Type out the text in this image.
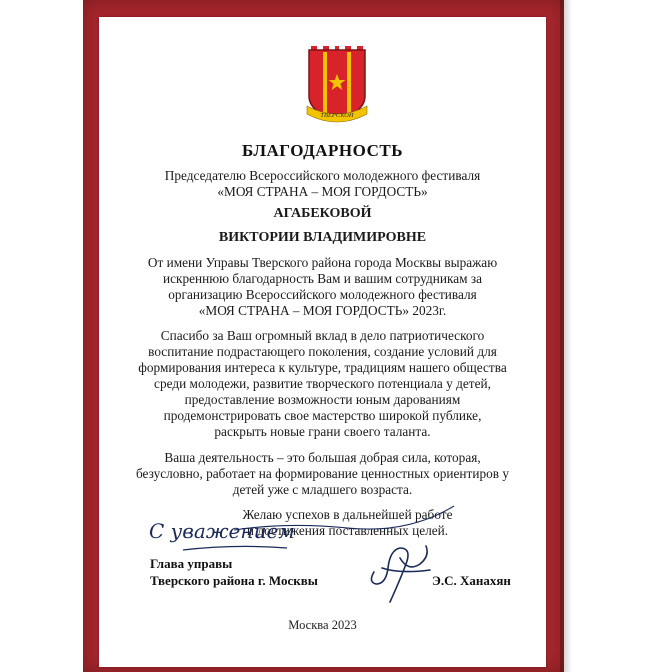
ТВЕРСКОЙ
БЛАГОДАРНОСТЬ
Председателю Всероссийского молодежного фестиваля
«МОЯ СТРАНА – МОЯ ГОРДОСТЬ»
АГАБЕКОВОЙ
ВИКТОРИИ ВЛАДИМИРОВНЕ
От имени Управы Тверского района города Москвы выражаю
искреннюю благодарность Вам и вашим сотрудникам за
организацию Всероссийского молодежного фестиваля
«МОЯ СТРАНА – МОЯ ГОРДОСТЬ» 2023г.
Спасибо за Ваш огромный вклад в дело патриотического
воспитание подрастающего поколения, создание условий для
формирования интереса к культуре, традициям нашего общества
среди молодежи, развитие творческого потенциала у детей,
предоставление возможности юным дарованиям
продемонстрировать свое мастерство широкой публике,
раскрыть новые грани своего таланта.
Ваша деятельность – это большая добрая сила, которая,
безусловно, работает на формирование ценностных ориентиров у
детей уже с младшего возраста.
Желаю успехов в дальнейшей работе
и достижения поставленных целей.
С уважением
Глава управы
Тверского района г. Москвы	Э.С. Ханахян
Москва 2023
